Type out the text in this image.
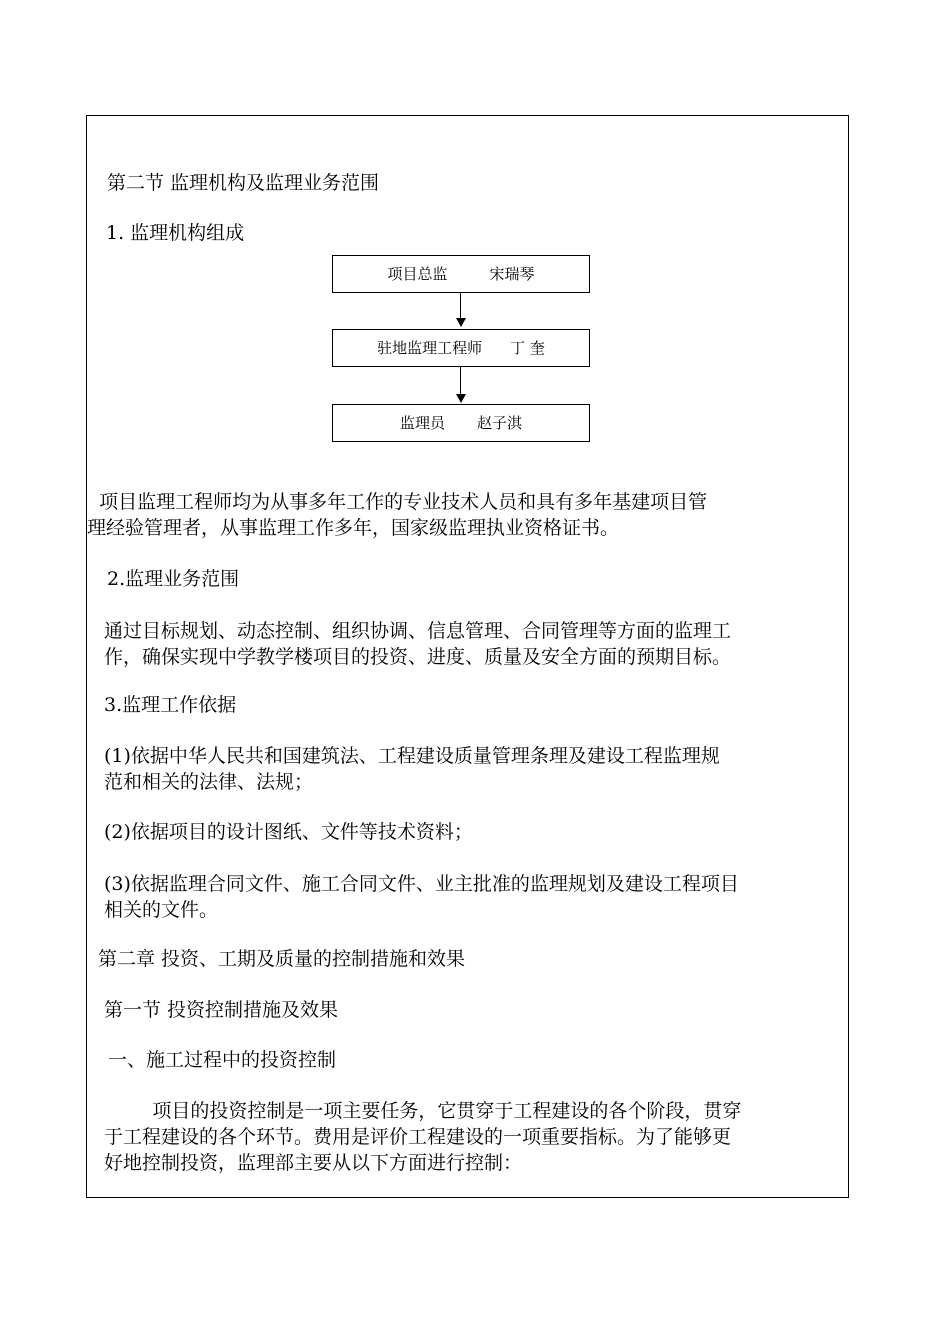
第二节 监理机构及监理业务范围
1. 监理机构组成
项目总监	宋瑞琴
驻地监理工程师 丁 奎
监理员 赵子淇
项目监理工程师均为从事多年工作的专业技术人员和具有多年基建项目管
理经验管理者，从事监理工作多年，国家级监理执业资格证书。
2.监理业务范围
通过目标规划、动态控制、组织协调、信息管理、合同管理等方面的监理工
作，确保实现中学教学楼项目的投资、进度、质量及安全方面的预期目标。
3.监理工作依据
(1)依据中华人民共和国建筑法、工程建设质量管理条理及建设工程监理规
范和相关的法律、法规；
(2)依据项目的设计图纸、文件等技术资料；
(3)依据监理合同文件、施工合同文件、业主批准的监理规划及建设工程项目
相关的文件。
第二章 投资、工期及质量的控制措施和效果
第一节 投资控制措施及效果
一、施工过程中的投资控制
项目的投资控制是一项主要任务，它贯穿于工程建设的各个阶段，贯穿
于工程建设的各个环节。费用是评价工程建设的一项重要指标。为了能够更
好地控制投资，监理部主要从以下方面进行控制：
